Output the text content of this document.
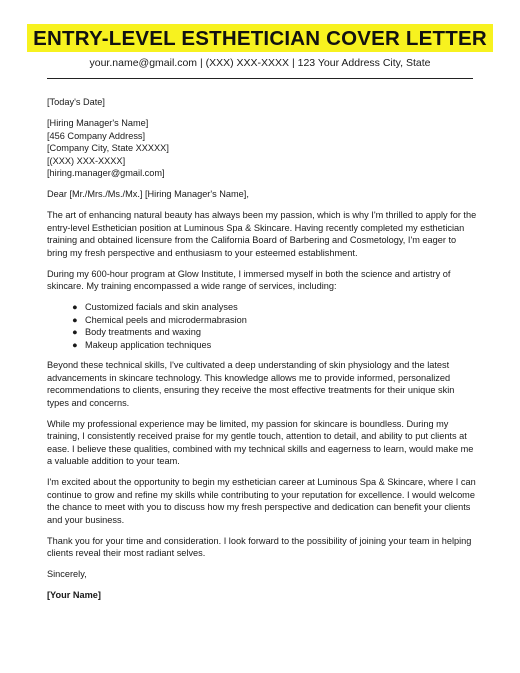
ENTRY-LEVEL ESTHETICIAN COVER LETTER
your.name@gmail.com | (XXX) XXX-XXXX | 123 Your Address City, State

[Today's Date]

[Hiring Manager's Name]
[456 Company Address]
[Company City, State XXXXX]
[(XXX) XXX-XXXX]
[hiring.manager@gmail.com]

Dear [Mr./Mrs./Ms./Mx.] [Hiring Manager's Name],

The art of enhancing natural beauty has always been my passion, which is why I'm thrilled to apply for the entry-level Esthetician position at Luminous Spa & Skincare. Having recently completed my esthetician training and obtained licensure from the California Board of Barbering and Cosmetology, I'm eager to bring my fresh perspective and enthusiasm to your esteemed establishment.

During my 600-hour program at Glow Institute, I immersed myself in both the science and artistry of skincare. My training encompassed a wide range of services, including:

● Customized facials and skin analyses
● Chemical peels and microdermabrasion
● Body treatments and waxing
● Makeup application techniques

Beyond these technical skills, I've cultivated a deep understanding of skin physiology and the latest advancements in skincare technology. This knowledge allows me to provide informed, personalized recommendations to clients, ensuring they receive the most effective treatments for their unique skin types and concerns.

While my professional experience may be limited, my passion for skincare is boundless. During my training, I consistently received praise for my gentle touch, attention to detail, and ability to put clients at ease. I believe these qualities, combined with my technical skills and eagerness to learn, would make me a valuable addition to your team.

I'm excited about the opportunity to begin my esthetician career at Luminous Spa & Skincare, where I can continue to grow and refine my skills while contributing to your reputation for excellence. I would welcome the chance to meet with you to discuss how my fresh perspective and dedication can benefit your clients and your business.

Thank you for your time and consideration. I look forward to the possibility of joining your team in helping clients reveal their most radiant selves.

Sincerely,

[Your Name]
